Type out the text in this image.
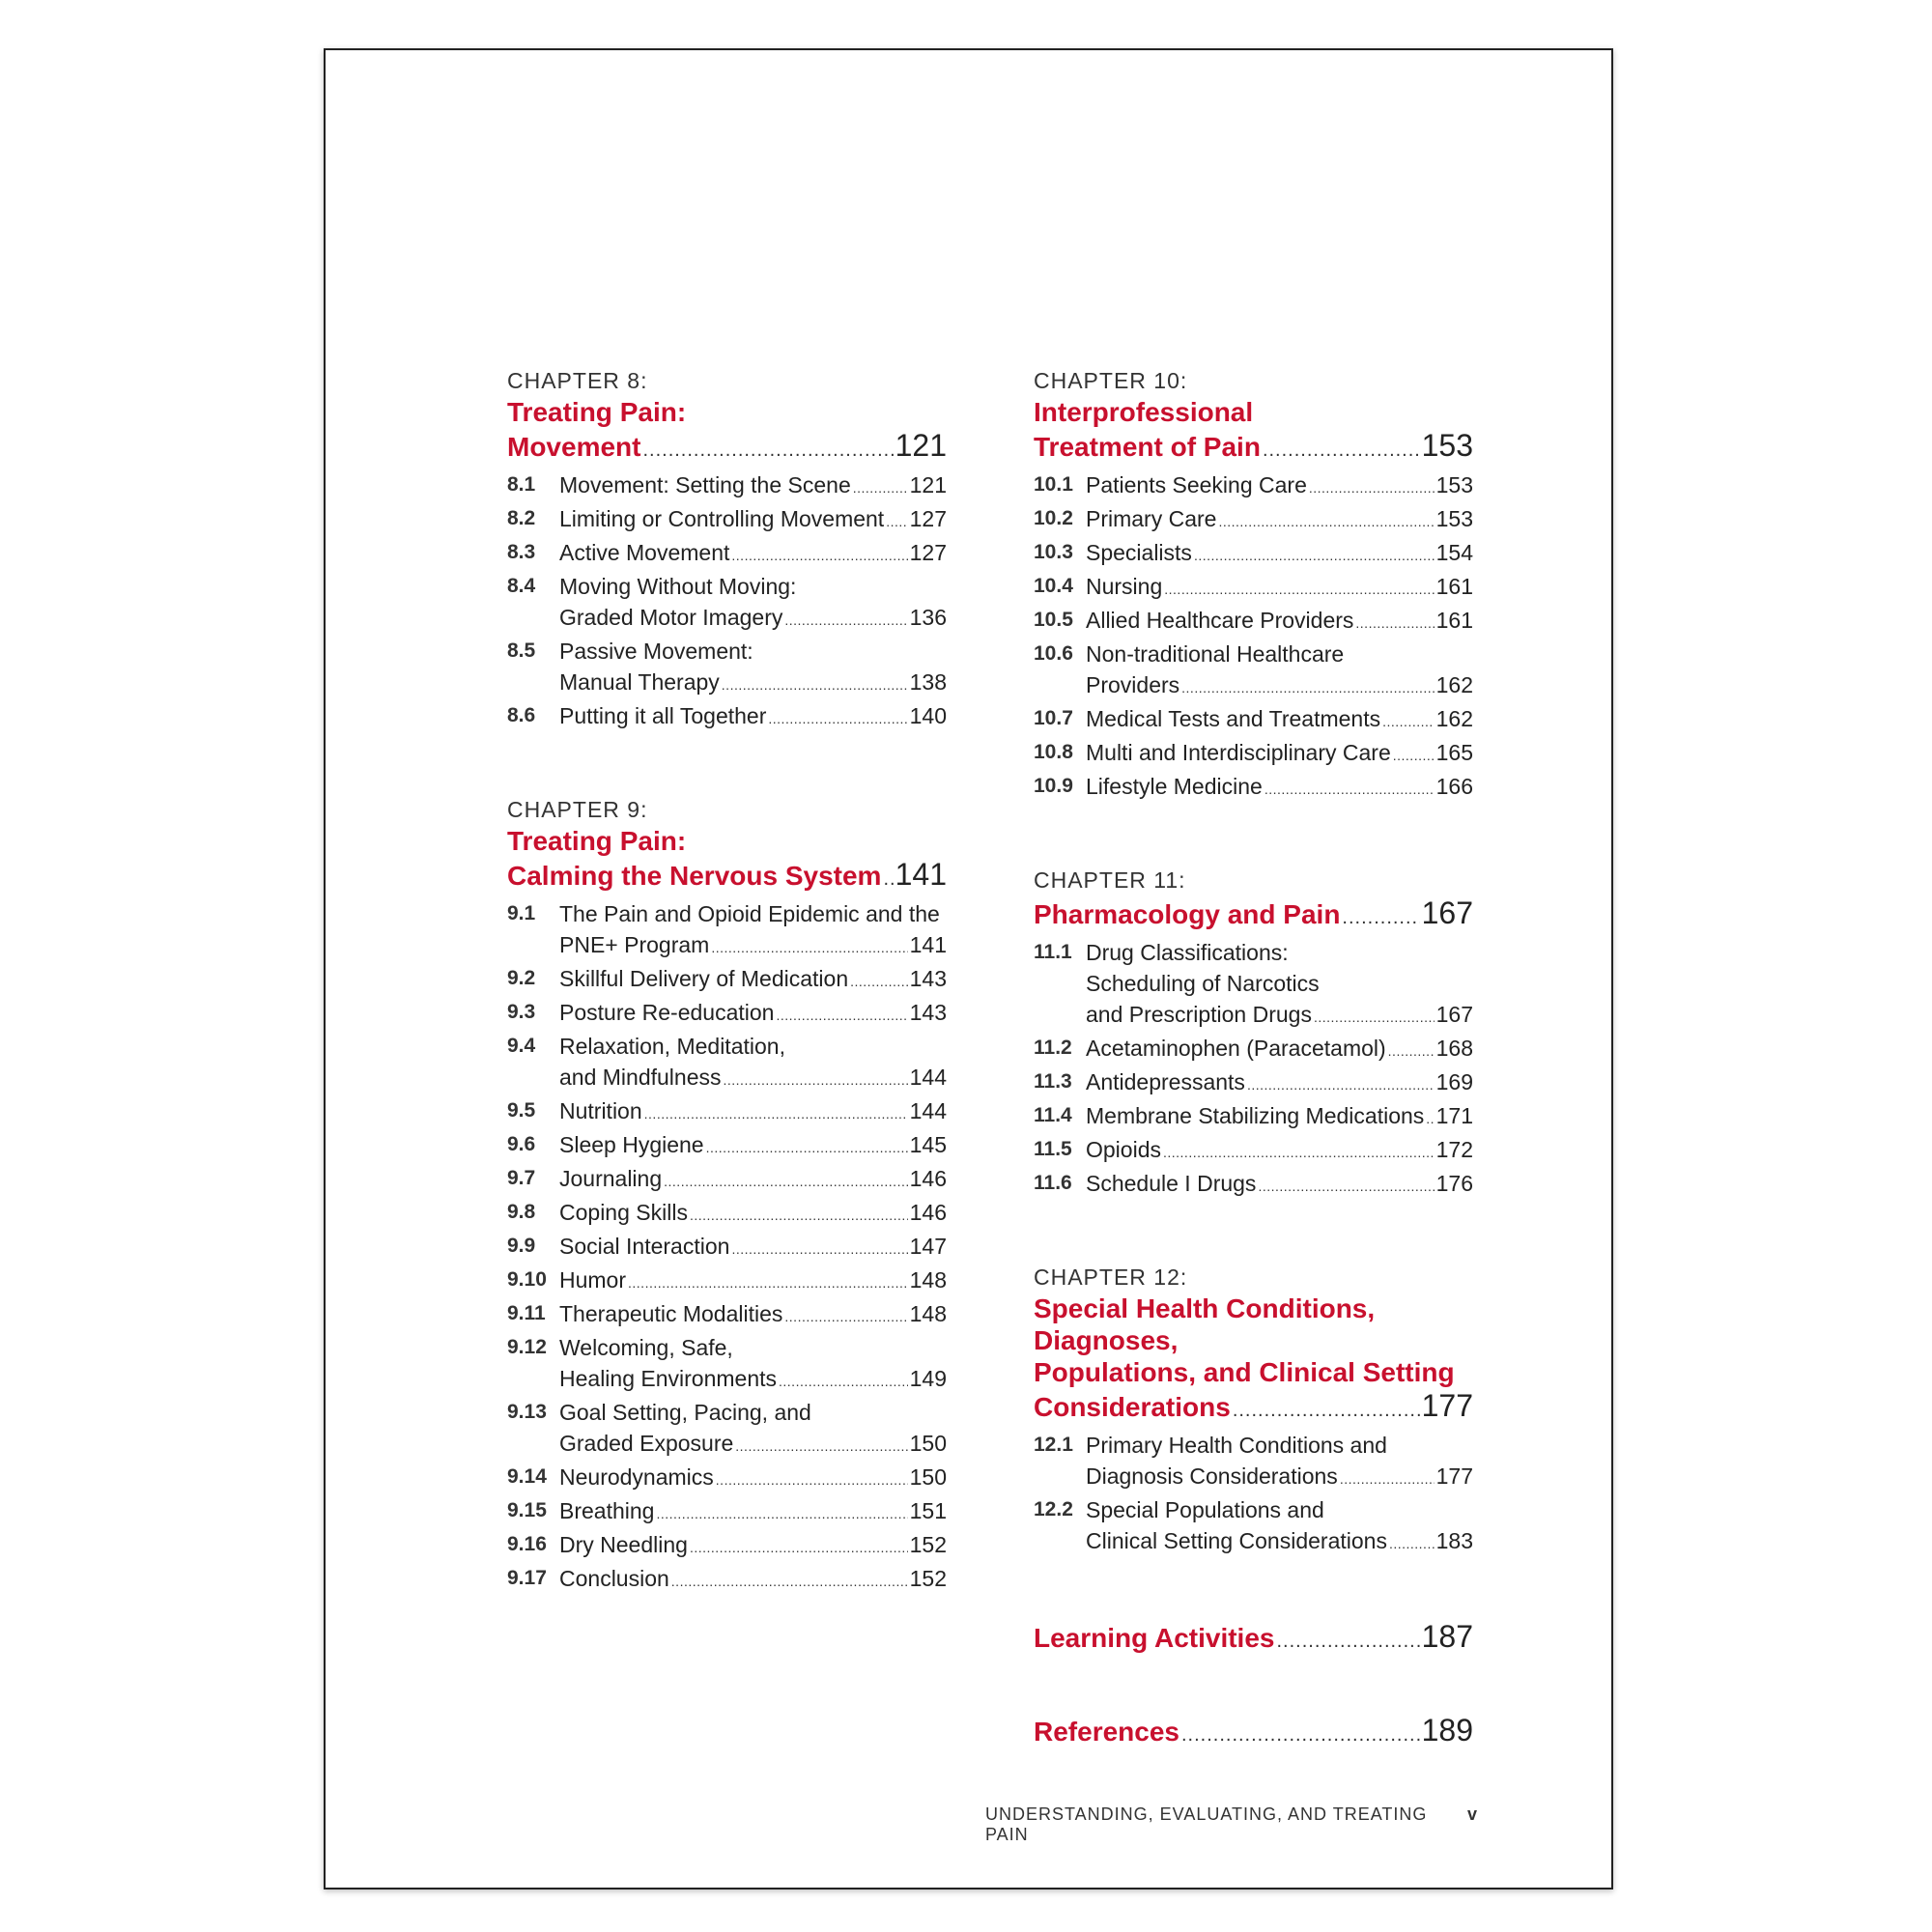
CHAPTER 8:
Treating Pain:
Movement .....	121
8.1	Movement: Setting the Scene .....	121
8.2	Limiting or Controlling Movement ..... 127
8.3	Active Movement .....	127
8.4	Moving Without Moving:
Graded Motor Imagery .....	136
8.5	Passive Movement:
Manual Therapy .....	138
8.6	Putting it all Together .....	140
CHAPTER 9:
Treating Pain:
Calming the Nervous System ..... 141
9.1	The Pain and Opioid Epidemic and the
PNE+ Program .....	141
9.2	Skillful Delivery of Medication .....	143
9.3	Posture Re-education .....	143
9.4	Relaxation, Meditation,
and Mindfulness .....	144
9.5	Nutrition .....	144
9.6	Sleep Hygiene .....	145
9.7	Journaling .....	146
9.8	Coping Skills .....	146
9.9	Social Interaction .....	147
9.10 Humor .....	148
9.11 Therapeutic Modalities .....	148
9.12 Welcoming, Safe,
Healing Environments .....	149
9.13 Goal Setting, Pacing, and
Graded Exposure .....	150
9.14 Neurodynamics .....	150
9.15 Breathing .....	151
9.16 Dry Needling .....	152
9.17 Conclusion .....	152
CHAPTER 10:
Interprofessional
Treatment of Pain .....	153
10.1 Patients Seeking Care .....	153
10.2 Primary Care .....	153
10.3 Specialists .....	154
10.4 Nursing .....	161
10.5 Allied Healthcare Providers .....	161
10.6 Non-traditional Healthcare
Providers .....	162
10.7 Medical Tests and Treatments .....	162
10.8 Multi and Interdisciplinary Care ..... 165
10.9 Lifestyle Medicine .....	166
CHAPTER 11:
Pharmacology and Pain .....	167
11.1 Drug Classifications:
Scheduling of Narcotics
and Prescription Drugs .....	167
11.2 Acetaminophen (Paracetamol) ..... 168
11.3 Antidepressants .....	169
11.4 Membrane Stabilizing Medications ..... 171
11.5 Opioids .....	172
11.6 Schedule I Drugs .....	176
CHAPTER 12:
Special Health Conditions, Diagnoses,
Populations, and Clinical Setting
Considerations .....	177
12.1 Primary Health Conditions and
Diagnosis Considerations .....	177
12.2 Special Populations and
Clinical Setting Considerations ..... 183
Learning Activities .....	187
References .....	189
UNDERSTANDING, EVALUATING, AND TREATING PAIN
v
